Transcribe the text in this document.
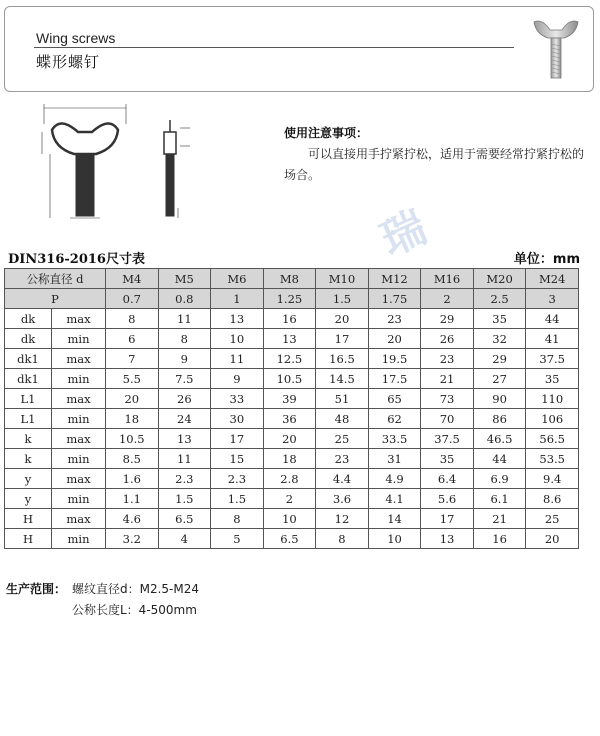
Wing screws
蝶形螺钉
使用注意事项：
可以直接用手拧紧拧松，适用于需要经常拧紧拧松的场合。
瑞
DIN316-2016尺寸表	单位：mm
公称直径 d		M4	M5	M6	M8	M10	M12	M16	M20	M24
P		0.7	0.8	1	1.25	1.5	1.75	2	2.5	3
dk	max	8	11	13	16	20	23	29	35	44
dk	min	6	8	10	13	17	20	26	32	41
dk1	max	7	9	11	12.5	16.5	19.5	23	29	37.5
dk1	min	5.5	7.5	9	10.5	14.5	17.5	21	27	35
L1	max	20	26	33	39	51	65	73	90	110
L1	min	18	24	30	36	48	62	70	86	106
k	max	10.5	13	17	20	25	33.5	37.5	46.5	56.5
k	min	8.5	11	15	18	23	31	35	44	53.5
y	max	1.6	2.3	2.3	2.8	4.4	4.9	6.4	6.9	9.4
y	min	1.1	1.5	1.5	2	3.6	4.1	5.6	6.1	8.6
H	max	4.6	6.5	8	10	12	14	17	21	25
H	min	3.2	4	5	6.5	8	10	13	16	20
生产范围： 螺纹直径d：M2.5-M24
公称长度L：4-500mm
